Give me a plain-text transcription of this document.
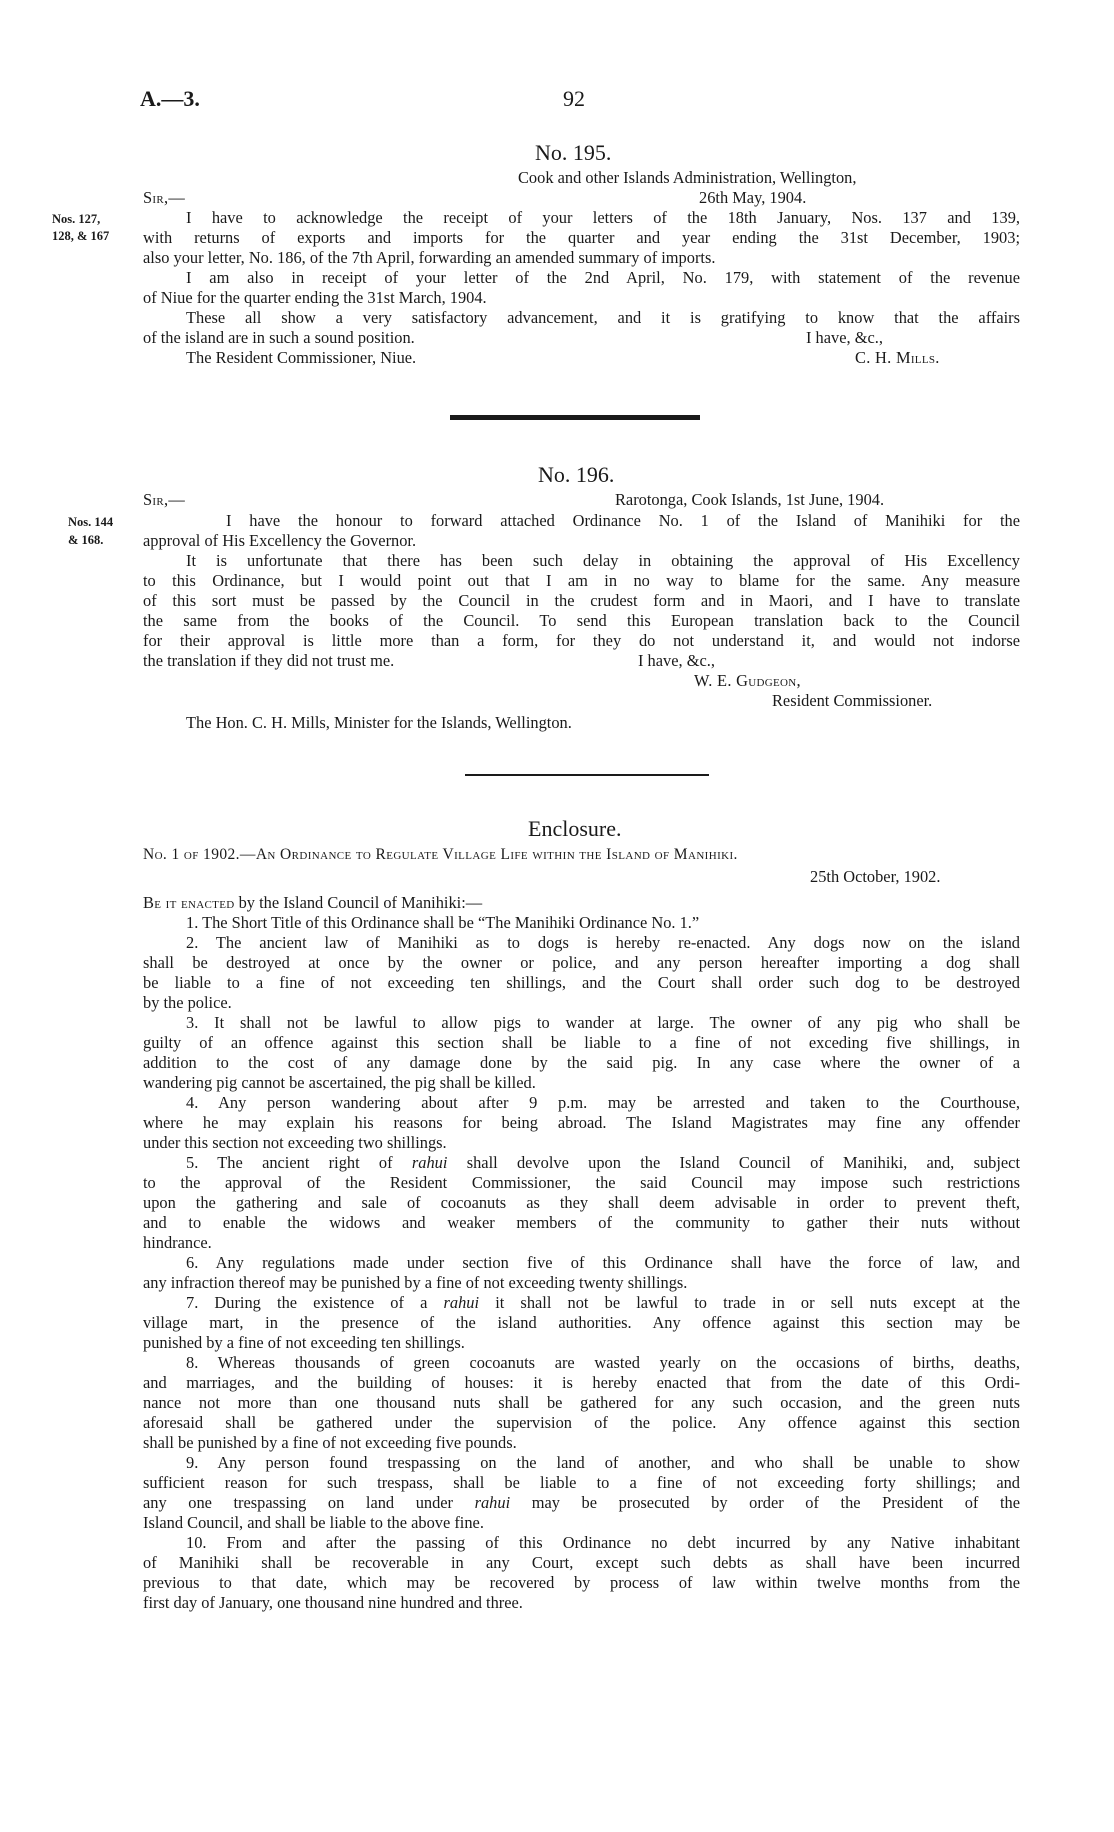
A.—3.	92
No. 195.
Cook and other Islands Administration, Wellington,
Sir,—	26th May, 1904.
Nos. 127,
128, & 167
I have to acknowledge the receipt of your letters of the 18th January, Nos. 137 and 139,
with returns of exports and imports for the quarter and year ending the 31st December, 1903;
also your letter, No. 186, of the 7th April, forwarding an amended summary of imports.
I am also in receipt of your letter of the 2nd April, No. 179, with statement of the revenue
of Niue for the quarter ending the 31st March, 1904.
These all show a very satisfactory advancement, and it is gratifying to know that the affairs
of the island are in such a sound position.	I have, &c.,
The Resident Commissioner, Niue.	C. H. Mills.
No. 196.
Sir,—	Rarotonga, Cook Islands, 1st June, 1904.
Nos. 144
& 168.
I have the honour to forward attached Ordinance No. 1 of the Island of Manihiki for the
approval of His Excellency the Governor.
It is unfortunate that there has been such delay in obtaining the approval of His Excellency
to this Ordinance, but I would point out that I am in no way to blame for the same. Any measure
of this sort must be passed by the Council in the crudest form and in Maori, and I have to translate
the same from the books of the Council. To send this European translation back to the Council
for their approval is little more than a form, for they do not understand it, and would not indorse
the translation if they did not trust me.	I have, &c.,
W. E. Gudgeon,
Resident Commissioner.
The Hon. C. H. Mills, Minister for the Islands, Wellington.
Enclosure.
No. 1 of 1902.—An Ordinance to Regulate Village Life within the Island of Manihiki.
25th October, 1902.
Be it enacted by the Island Council of Manihiki:—
1. The Short Title of this Ordinance shall be “The Manihiki Ordinance No. 1.”
2. The ancient law of Manihiki as to dogs is hereby re-enacted. Any dogs now on the island
shall be destroyed at once by the owner or police, and any person hereafter importing a dog shall
be liable to a fine of not exceeding ten shillings, and the Court shall order such dog to be destroyed
by the police.
3. It shall not be lawful to allow pigs to wander at large. The owner of any pig who shall be
guilty of an offence against this section shall be liable to a fine of not exceding five shillings, in
addition to the cost of any damage done by the said pig. In any case where the owner of a
wandering pig cannot be ascertained, the pig shall be killed.
4. Any person wandering about after 9 p.m. may be arrested and taken to the Courthouse,
where he may explain his reasons for being abroad. The Island Magistrates may fine any offender
under this section not exceeding two shillings.
5. The ancient right of rahui shall devolve upon the Island Council of Manihiki, and, subject
to the approval of the Resident Commissioner, the said Council may impose such restrictions
upon the gathering and sale of cocoanuts as they shall deem advisable in order to prevent theft,
and to enable the widows and weaker members of the community to gather their nuts without
hindrance.
6. Any regulations made under section five of this Ordinance shall have the force of law, and
any infraction thereof may be punished by a fine of not exceeding twenty shillings.
7. During the existence of a rahui it shall not be lawful to trade in or sell nuts except at the
village mart, in the presence of the island authorities. Any offence against this section may be
punished by a fine of not exceeding ten shillings.
8. Whereas thousands of green cocoanuts are wasted yearly on the occasions of births, deaths,
and marriages, and the building of houses: it is hereby enacted that from the date of this Ordi-
nance not more than one thousand nuts shall be gathered for any such occasion, and the green nuts
aforesaid shall be gathered under the supervision of the police. Any offence against this section
shall be punished by a fine of not exceeding five pounds.
9. Any person found trespassing on the land of another, and who shall be unable to show
sufficient reason for such trespass, shall be liable to a fine of not exceeding forty shillings; and
any one trespassing on land under rahui may be prosecuted by order of the President of the
Island Council, and shall be liable to the above fine.
10. From and after the passing of this Ordinance no debt incurred by any Native inhabitant
of Manihiki shall be recoverable in any Court, except such debts as shall have been incurred
previous to that date, which may be recovered by process of law within twelve months from the
first day of January, one thousand nine hundred and three.
